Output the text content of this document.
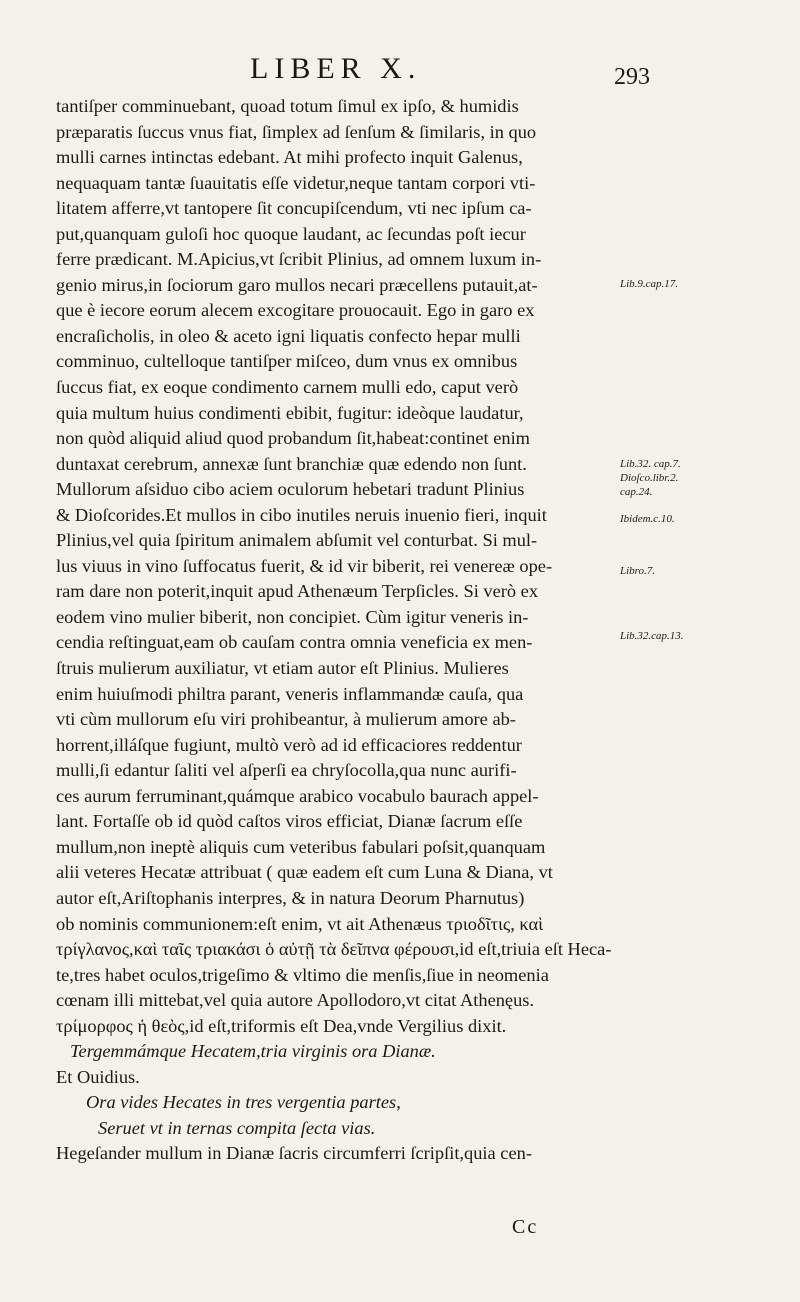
LIBER X.	293
tantiſper comminuebant, quoad totum ſimul ex ipſo, & humidis
præparatis ſuccus vnus fiat, ſimplex ad ſenſum & ſimilaris, in quo
mulli carnes intinctas edebant. At mihi profecto inquit Galenus,
nequaquam tantæ ſuauitatis eſſe videtur,neque tantam corpori vti-
litatem afferre,vt tantopere ſit concupiſcendum, vti nec ipſum ca-
put,quanquam guloſi hoc quoque laudant, ac ſecundas poſt iecur
ferre prædicant. M.Apicius,vt ſcribit Plinius, ad omnem luxum in-
genio mirus,in ſociorum garo mullos necari præcellens putauit,at-
que è iecore eorum alecem excogitare prouocauit. Ego in garo ex
encraſicholis, in oleo & aceto igni liquatis confecto hepar mulli
comminuo, cultelloque tantiſper miſceo, dum vnus ex omnibus
ſuccus fiat, ex eoque condimento carnem mulli edo, caput verò
quia multum huius condimenti ebibit, fugitur: ideòque laudatur,
non quòd aliquid aliud quod probandum ſit,habeat:continet enim
duntaxat cerebrum, annexæ ſunt branchiæ quæ edendo non ſunt.
Mullorum aſsiduo cibo aciem oculorum hebetari tradunt Plinius
& Dioſcorides.Et mullos in cibo inutiles neruis inuenio fieri, inquit
Plinius,vel quia ſpiritum animalem abſumit vel conturbat. Si mul-
lus viuus in vino ſuffocatus fuerit, & id vir biberit, rei venereæ ope-
ram dare non poterit,inquit apud Athenæum Terpſicles. Si verò ex
eodem vino mulier biberit, non concipiet. Cùm igitur veneris in-
cendia reſtinguat,eam ob cauſam contra omnia veneficia ex men-
ſtruis mulierum auxiliatur, vt etiam autor eſt Plinius. Mulieres
enim huiuſmodi philtra parant, veneris inflammandæ cauſa, qua
vti cùm mullorum eſu viri prohibeantur, à mulierum amore ab-
horrent,illáſque fugiunt, multò verò ad id efficaciores reddentur
mulli,ſi edantur ſaliti vel aſperſi ea chryſocolla,qua nunc aurifi-
ces aurum ferruminant,quámque arabico vocabulo baurach appel-
lant. Fortaſſe ob id quòd caſtos viros efficiat, Dianæ ſacrum eſſe
mullum,non ineptè aliquis cum veteribus fabulari poſsit,quanquam
alii veteres Hecatæ attribuat ( quæ eadem eſt cum Luna & Diana, vt
autor eſt,Ariſtophanis interpres, & in natura Deorum Pharnutus)
ob nominis communionem:eſt enim, vt ait Athenæus τριοδῖτις, καὶ
τρίγλανος,καὶ ταῖς τριακάσι ὁ αὐτῇ τὰ δεῖπνα φέρουσι,id eſt,triuia eſt Heca-
te,tres habet oculos,trigeſimo & vltimo die menſis,ſiue in neomenia
cœnam illi mittebat,vel quia autore Apollodoro,vt citat Athenęus.
τρίμορφος ἡ θεὸς,id eſt,triformis eſt Dea,vnde Vergilius dixit.
Tergemmámque Hecatem,tria virginis ora Dianæ.
Et Ouidius.
Ora vides Hecates in tres vergentia partes,
Seruet vt in ternas compita ſecta vias.
Hegeſander mullum in Dianæ ſacris circumferri ſcripſit,quia cen-
Lib.9.cap.17.
Lib.32. cap.7.
Dioſco.libr.2.
cap.24.
Ibidem.c.10.
Libro.7.
Lib.32.cap.13.
Cc
